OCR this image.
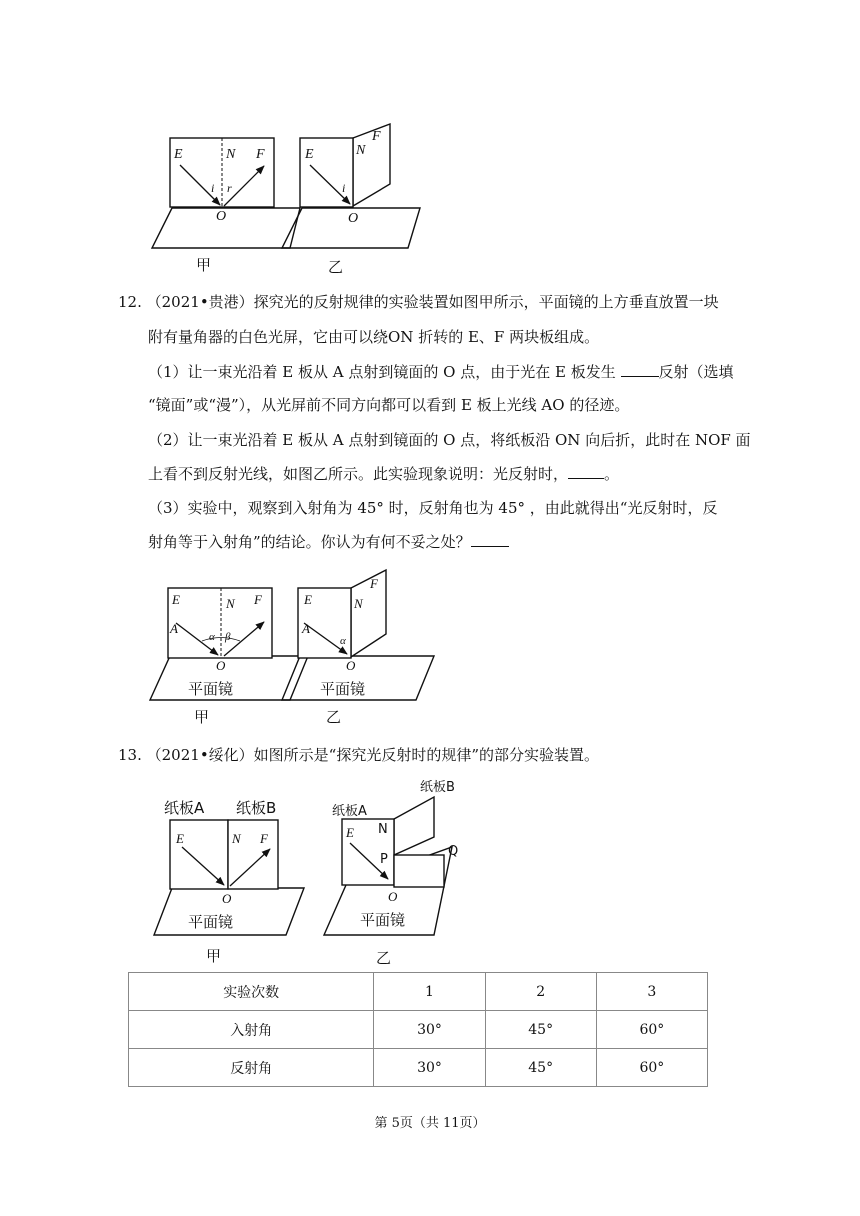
E	N F
i r
O
甲
E	N
F
i
O
乙
12. （2021•贵港）探究光的反射规律的实验装置如图甲所示，平面镜的上方垂直放置一块
附有量角器的白色光屏，它由可以绕ON 折转的 E、F 两块板组成。
（1）让一束光沿着 E 板从 A 点射到镜面的 O 点，由于光在 E 板发生	反射（选填
“镜面”或“漫”），从光屏前不同方向都可以看到 E 板上光线 AO 的径迹。
（2）让一束光沿着 E 板从 A 点射到镜面的 O 点，将纸板沿 ON 向后折，此时在 NOF 面
上看不到反射光线，如图乙所示。此实验现象说明：光反射时， 。
（3）实验中，观察到入射角为 45° 时，反射角也为 45° ，由此就得出“光反射时，反
射角等于入射角”的结论。你认为有何不妥之处？
E	N F
A
α β
O
平面镜
甲
E	N
F
A
α
O
平面镜
乙
13. （2021•绥化）如图所示是“探究光反射时的规律”的部分实验装置。
纸板A 纸板B
E	N F
O
平面镜
甲
纸板B
纸板A
E N
P
Q
O
平面镜
乙
实验次数	1	2	3
入射角	30°	45°	60°
反射角	30°	45°	60°
第 5页（共 11页）
